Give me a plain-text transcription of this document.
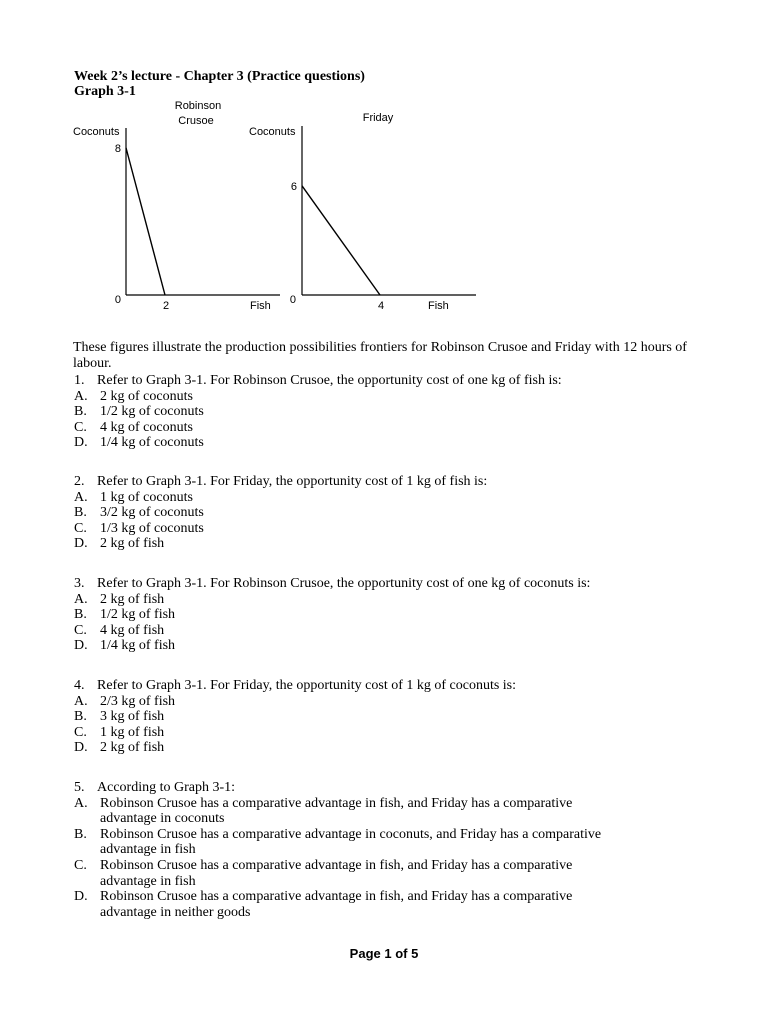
Week 2’s lecture - Chapter 3 (Practice questions)
Graph 3-1
Robinson
Crusoe
Coconuts
8
0	2	Fish
Friday
Coconuts
6
0	4	Fish
These figures illustrate the production possibilities frontiers for Robinson Crusoe and Friday with 12 hours of labour.
1. Refer to Graph 3-1. For Robinson Crusoe, the opportunity cost of one kg of fish is:
A. 2 kg of coconuts
B. 1/2 kg of coconuts
C. 4 kg of coconuts
D. 1/4 kg of coconuts
2. Refer to Graph 3-1. For Friday, the opportunity cost of 1 kg of fish is:
A. 1 kg of coconuts
B. 3/2 kg of coconuts
C. 1/3 kg of coconuts
D. 2 kg of fish
3. Refer to Graph 3-1. For Robinson Crusoe, the opportunity cost of one kg of coconuts is:
A. 2 kg of fish
B. 1/2 kg of fish
C. 4 kg of fish
D. 1/4 kg of fish
4. Refer to Graph 3-1. For Friday, the opportunity cost of 1 kg of coconuts is:
A. 2/3 kg of fish
B. 3 kg of fish
C. 1 kg of fish
D. 2 kg of fish
5. According to Graph 3-1:
A. Robinson Crusoe has a comparative advantage in fish, and Friday has a comparative
advantage in coconuts
B. Robinson Crusoe has a comparative advantage in coconuts, and Friday has a comparative
advantage in fish
C. Robinson Crusoe has a comparative advantage in fish, and Friday has a comparative
advantage in fish
D. Robinson Crusoe has a comparative advantage in fish, and Friday has a comparative
advantage in neither goods
Page 1 of 5
